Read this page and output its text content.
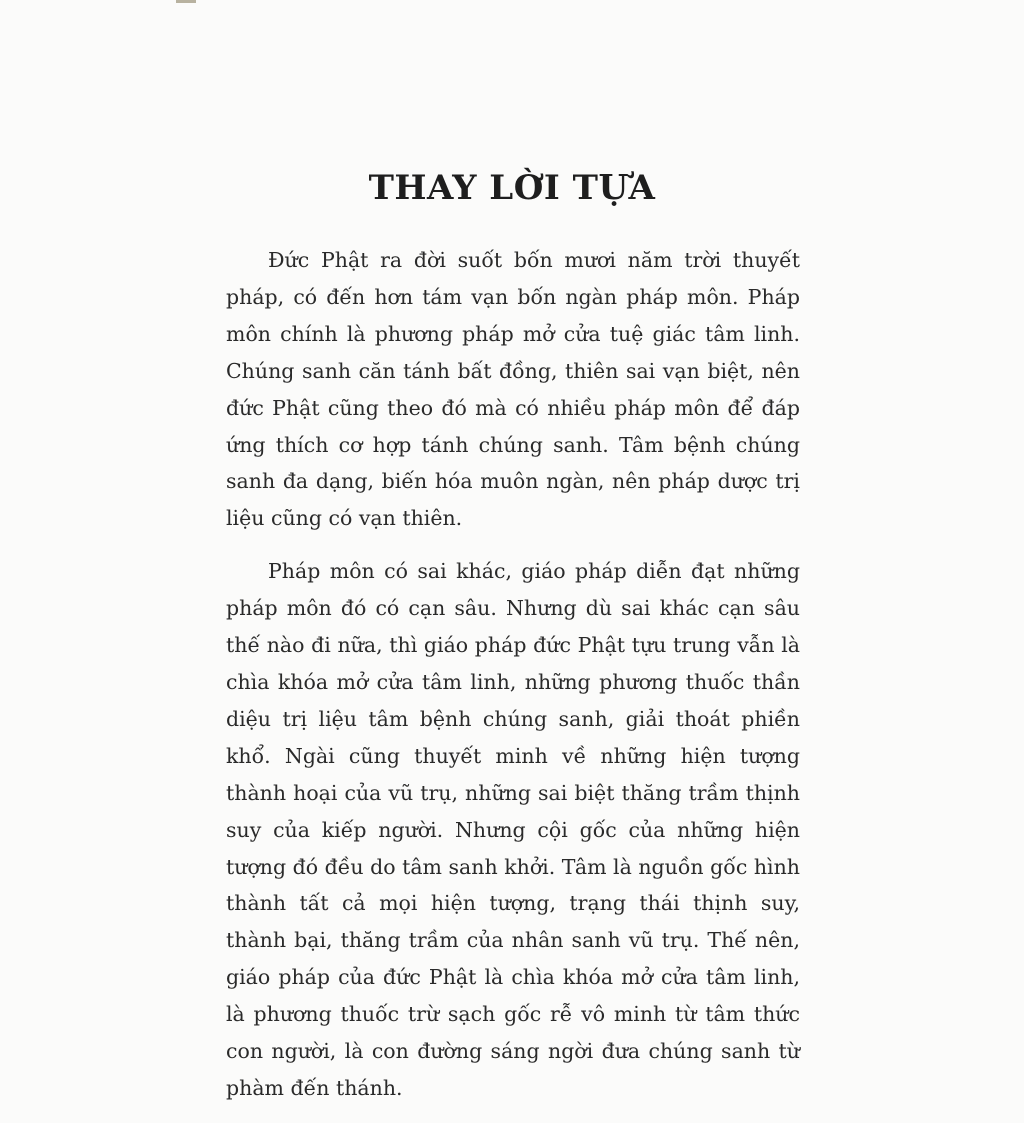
THAY LỜI TỰA

Đức Phật ra đời suốt bốn mươi năm trời thuyết pháp, có đến hơn tám vạn bốn ngàn pháp môn. Pháp môn chính là phương pháp mở cửa tuệ giác tâm linh. Chúng sanh căn tánh bất đồng, thiên sai vạn biệt, nên đức Phật cũng theo đó mà có nhiều pháp môn để đáp ứng thích cơ hợp tánh chúng sanh. Tâm bệnh chúng sanh đa dạng, biến hóa muôn ngàn, nên pháp dược trị liệu cũng có vạn thiên.

Pháp môn có sai khác, giáo pháp diễn đạt những pháp môn đó có cạn sâu. Nhưng dù sai khác cạn sâu thế nào đi nữa, thì giáo pháp đức Phật tựu trung vẫn là chìa khóa mở cửa tâm linh, những phương thuốc thần diệu trị liệu tâm bệnh chúng sanh, giải thoát phiền khổ. Ngài cũng thuyết minh về những hiện tượng thành hoại của vũ trụ, những sai biệt thăng trầm thịnh suy của kiếp người. Nhưng cội gốc của những hiện tượng đó đều do tâm sanh khởi. Tâm là nguồn gốc hình thành tất cả mọi hiện tượng, trạng thái thịnh suy, thành bại, thăng trầm của nhân sanh vũ trụ. Thế nên, giáo pháp của đức Phật là chìa khóa mở cửa tâm linh, là phương thuốc trừ sạch gốc rễ vô minh từ tâm thức con người, là con đường sáng ngời đưa chúng sanh từ phàm đến thánh.
